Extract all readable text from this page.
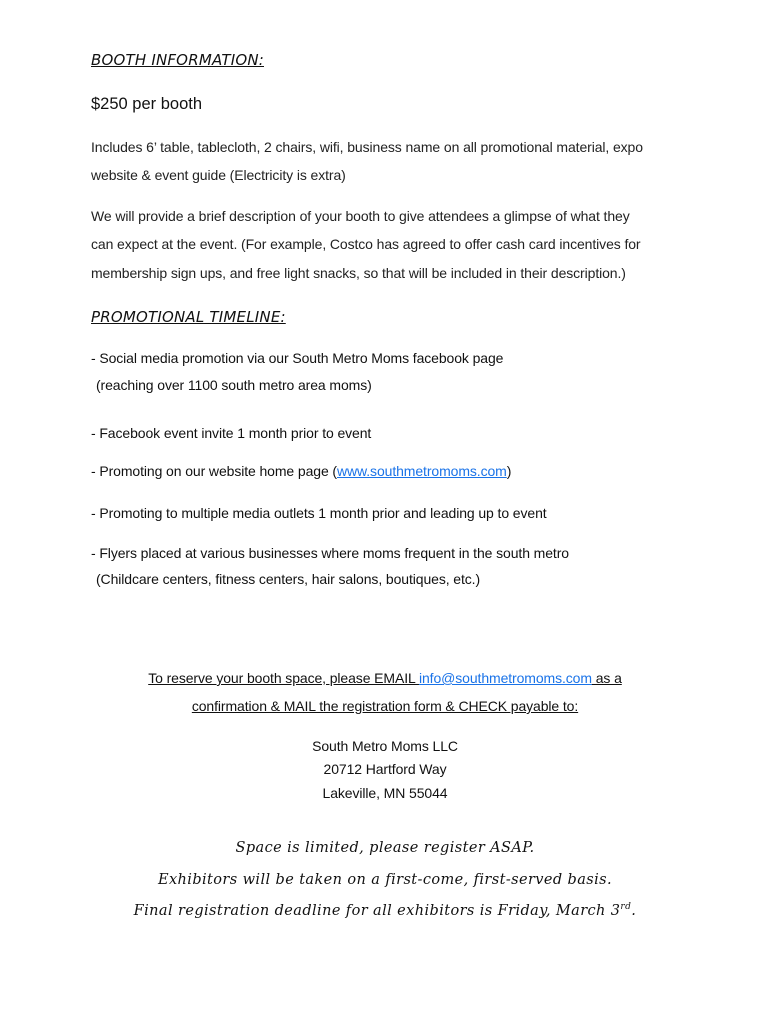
BOOTH INFORMATION:
$250 per booth
Includes 6’ table, tablecloth, 2 chairs, wifi, business name on all promotional material, expo
website & event guide (Electricity is extra)
We will provide a brief description of your booth to give attendees a glimpse of what they
can expect at the event. (For example, Costco has agreed to offer cash card incentives for
membership sign ups, and free light snacks, so that will be included in their description.)
PROMOTIONAL TIMELINE:
- Social media promotion via our South Metro Moms facebook page
(reaching over 1100 south metro area moms)
- Facebook event invite 1 month prior to event
- Promoting on our website home page (www.southmetromoms.com)
- Promoting to multiple media outlets 1 month prior and leading up to event
- Flyers placed at various businesses where moms frequent in the south metro
(Childcare centers, fitness centers, hair salons, boutiques, etc.)
To reserve your booth space, please EMAIL info@southmetromoms.com as a
confirmation & MAIL the registration form & CHECK payable to:
South Metro Moms LLC
20712 Hartford Way
Lakeville, MN 55044
Space is limited, please register ASAP.
Exhibitors will be taken on a first-come, first-served basis.
Final registration deadline for all exhibitors is Friday, March 3rd.
